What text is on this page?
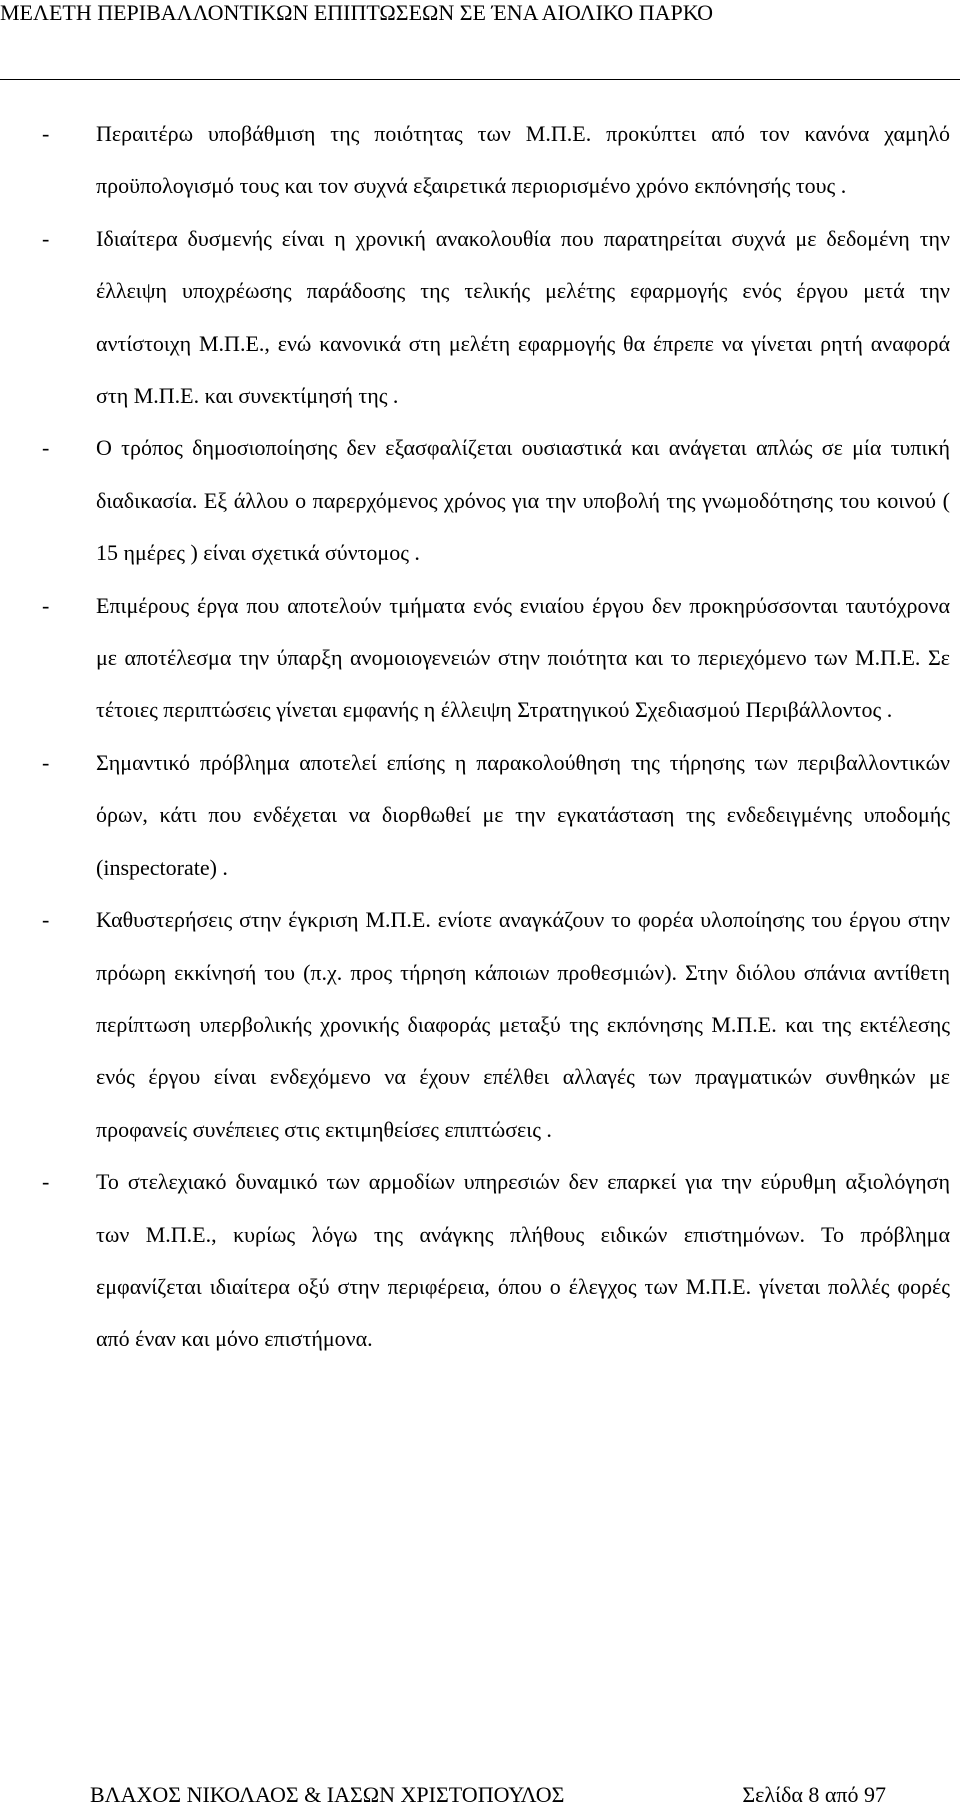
ΜΕΛΕΤΗ ΠΕΡΙΒΑΛΛΟΝΤΙΚΩΝ ΕΠΙΠΤΩΣΕΩΝ ΣΕ ΈΝΑ ΑΙΟΛΙΚΟ ΠΑΡΚΟ

- Περαιτέρω υποβάθμιση της ποιότητας των Μ.Π.Ε. προκύπτει από τον κανόνα χαμηλό προϋπολογισμό τους και τον συχνά εξαιρετικά περιορισμένο χρόνο εκπόνησής τους .

- Ιδιαίτερα δυσμενής είναι η χρονική ανακολουθία που παρατηρείται συχνά με δεδομένη την έλλειψη υποχρέωσης παράδοσης της τελικής μελέτης εφαρμογής ενός έργου μετά την αντίστοιχη Μ.Π.Ε., ενώ κανονικά στη μελέτη εφαρμογής θα έπρεπε να γίνεται ρητή αναφορά στη Μ.Π.Ε. και συνεκτίμησή της .

- Ο τρόπος δημοσιοποίησης δεν εξασφαλίζεται ουσιαστικά και ανάγεται απλώς σε μία τυπική διαδικασία. Εξ άλλου ο παρερχόμενος χρόνος για την υποβολή της γνωμοδότησης του κοινού ( 15 ημέρες ) είναι σχετικά σύντομος .

- Επιμέρους έργα που αποτελούν τμήματα ενός ενιαίου έργου δεν προκηρύσσονται ταυτόχρονα με αποτέλεσμα την ύπαρξη ανομοιογενειών στην ποιότητα και το περιεχόμενο των Μ.Π.Ε. Σε τέτοιες περιπτώσεις γίνεται εμφανής η έλλειψη Στρατηγικού Σχεδιασμού Περιβάλλοντος .

- Σημαντικό πρόβλημα αποτελεί επίσης η παρακολούθηση της τήρησης των περιβαλλοντικών όρων, κάτι που ενδέχεται να διορθωθεί με την εγκατάσταση της ενδεδειγμένης υποδομής (inspectorate) .

- Καθυστερήσεις στην έγκριση Μ.Π.Ε. ενίοτε αναγκάζουν το φορέα υλοποίησης του έργου στην πρόωρη εκκίνησή του (π.χ. προς τήρηση κάποιων προθεσμιών). Στην διόλου σπάνια αντίθετη περίπτωση υπερβολικής χρονικής διαφοράς μεταξύ της εκπόνησης Μ.Π.Ε. και της εκτέλεσης ενός έργου είναι ενδεχόμενο να έχουν επέλθει αλλαγές των πραγματικών συνθηκών με προφανείς συνέπειες στις εκτιμηθείσες επιπτώσεις .

- Το στελεχιακό δυναμικό των αρμοδίων υπηρεσιών δεν επαρκεί για την εύρυθμη αξιολόγηση των Μ.Π.Ε., κυρίως λόγω της ανάγκης πλήθους ειδικών επιστημόνων. Το πρόβλημα εμφανίζεται ιδιαίτερα οξύ στην περιφέρεια, όπου ο έλεγχος των Μ.Π.Ε. γίνεται πολλές φορές από έναν και μόνο επιστήμονα.

ΒΛΑΧΟΣ ΝΙΚΟΛΑΟΣ & ΙΑΣΩΝ ΧΡΙΣΤΟΠΟΥΛΟΣ	Σελίδα 8 από 97
